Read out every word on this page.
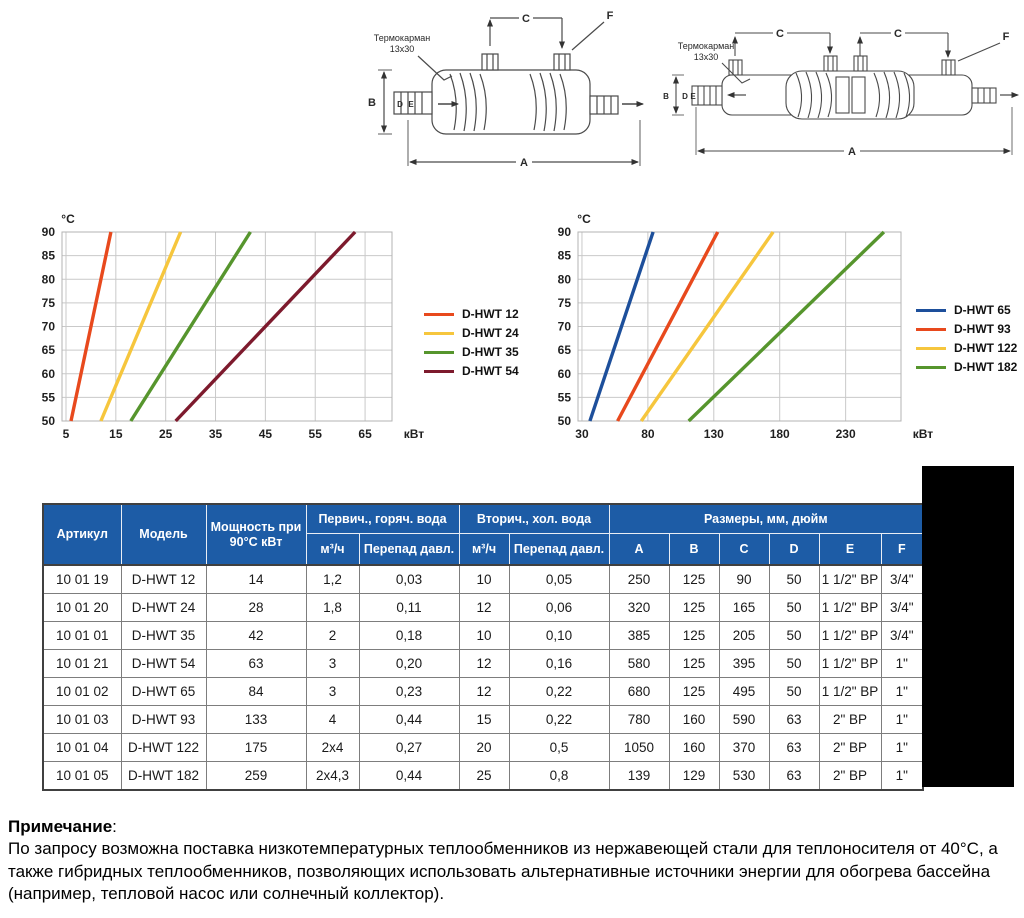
Термокарман
13x30
C	F
B	D E
A
Термокарман
13x30
C	C	F
B D E
A
90
85
80
75
70
65
60
55
50
5	15	25	35	45	55	65
°C
кВт
D-HWT 12
D-HWT 24
D-HWT 35
D-HWT 54
90
85
80
75
70
65
60
55
50
30	80	130	180	230
°C
кВт
D-HWT 65
D-HWT 93
D-HWT 122
D-HWT 182
Артикул	Модель	Мощность при 90°С кВт	Первич., горяч. вода		Вторич., хол. вода		Размеры, мм, дюйм					
			м³/ч	Перепад давл.	м³/ч	Перепад давл.	A	B	C	D	E	F
10 01 19	D-HWT 12	14	1,2	0,03	10	0,05	250	125	90	50	1 1/2" ВР	3/4"
10 01 20	D-HWT 24	28	1,8	0,11	12	0,06	320	125	165	50	1 1/2" ВР	3/4"
10 01 01	D-HWT 35	42	2	0,18	10	0,10	385	125	205	50	1 1/2" ВР	3/4"
10 01 21	D-HWT 54	63	3	0,20	12	0,16	580	125	395	50	1 1/2" ВР	1"
10 01 02	D-HWT 65	84	3	0,23	12	0,22	680	125	495	50	1 1/2" ВР	1"
10 01 03	D-HWT 93	133	4	0,44	15	0,22	780	160	590	63	2" ВР	1"
10 01 04	D-HWT 122	175	2x4	0,27	20	0,5	1050	160	370	63	2" ВР	1"
10 01 05	D-HWT 182	259	2x4,3	0,44	25	0,8	139	129	530	63	2" ВР	1"
Примечание:
По запросу возможна поставка низкотемпературных теплообменников из нержавеющей стали для теплоносителя от 40°С, а также гибридных теплообменников, позволяющих использовать альтернативные источники энергии для обогрева бассейна (например, тепловой насос или солнечный коллектор).
